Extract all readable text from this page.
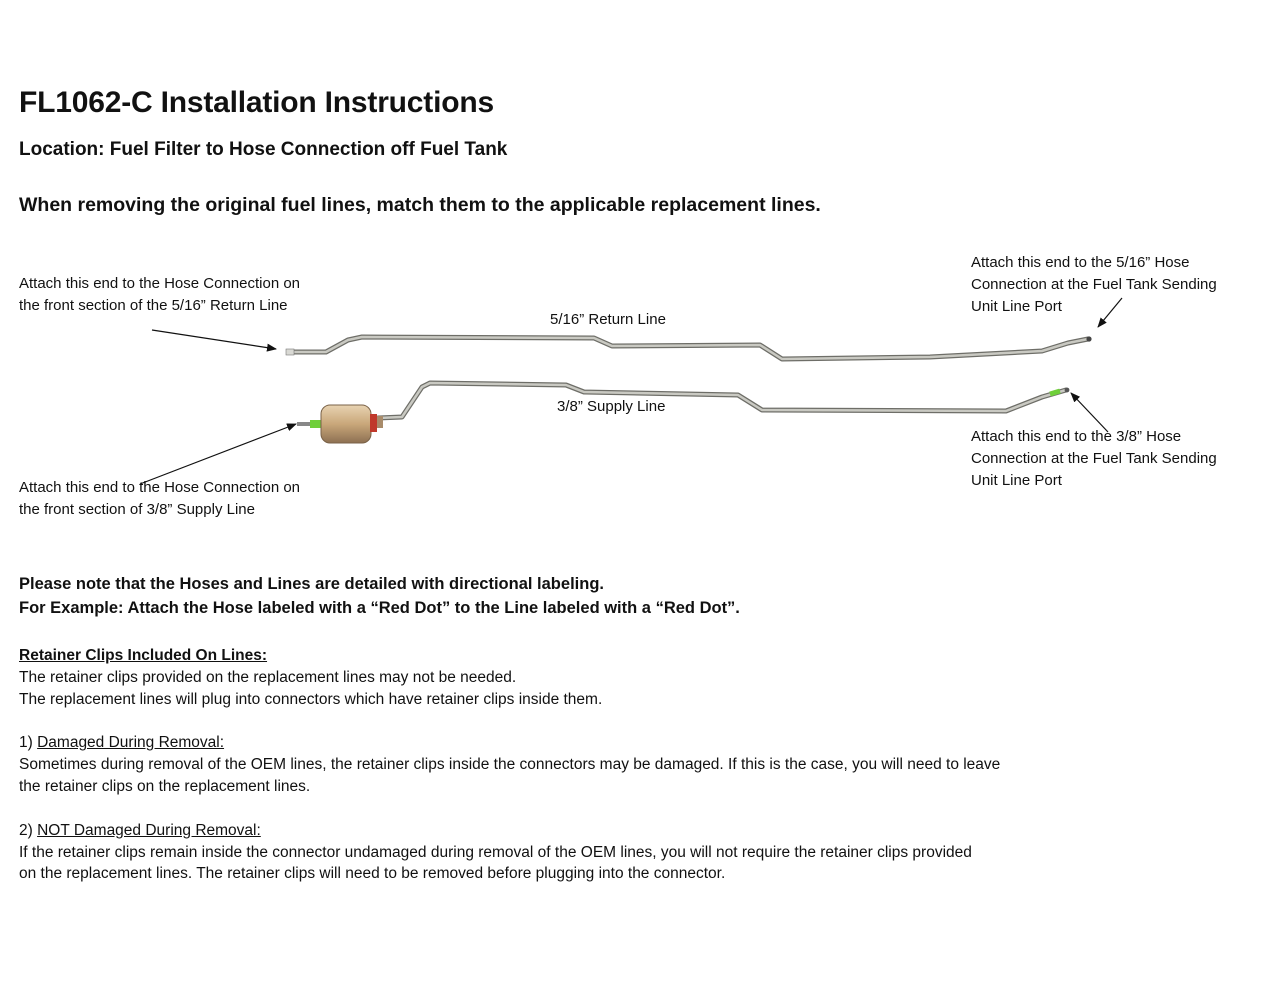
FL1062-C Installation Instructions
Location: Fuel Filter to Hose Connection off Fuel Tank
When removing the original fuel lines, match them to the applicable replacement lines.
5/16” Return Line
3/8” Supply Line
Attach this end to the Hose Connection on
the front section of the 5/16” Return Line
Attach this end to the 5/16” Hose
Connection at the Fuel Tank Sending
Unit Line Port
Attach this end to the Hose Connection on
the front section of 3/8” Supply Line
Attach this end to the 3/8” Hose
Connection at the Fuel Tank Sending
Unit Line Port
Please note that the Hoses and Lines are detailed with directional labeling.
For Example: Attach the Hose labeled with a “Red Dot” to the Line labeled with a “Red Dot”.
Retainer Clips Included On Lines:
The retainer clips provided on the replacement lines may not be needed.
The replacement lines will plug into connectors which have retainer clips inside them.
1) Damaged During Removal:
Sometimes during removal of the OEM lines, the retainer clips inside the connectors may be damaged. If this is the case, you will need to leave
the retainer clips on the replacement lines.
2) NOT Damaged During Removal:
If the retainer clips remain inside the connector undamaged during removal of the OEM lines, you will not require the retainer clips provided
on the replacement lines. The retainer clips will need to be removed before plugging into the connector.
